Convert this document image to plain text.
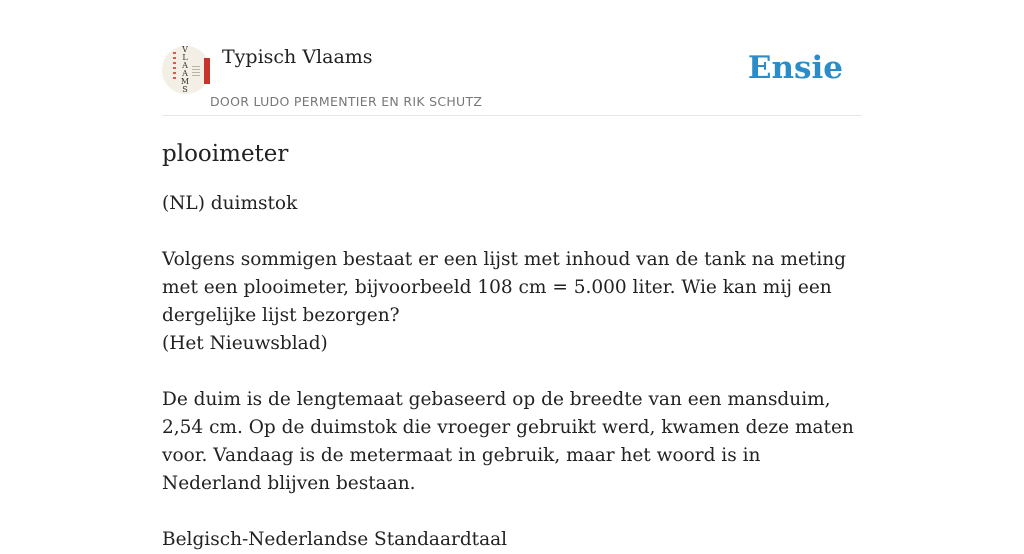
V
L
A
A
M
S
Typisch Vlaams
DOOR LUDO PERMENTIER EN RIK SCHUTZ
Ensie
plooimeter
(NL) duimstok
Volgens sommigen bestaat er een lijst met inhoud van de tank na meting met een plooimeter, bijvoorbeeld 108 cm = 5.000 liter. Wie kan mij een dergelijke lijst bezorgen?
(Het Nieuwsblad)
De duim is de lengtemaat gebaseerd op de breedte van een mansduim, 2,54 cm. Op de duimstok die vroeger gebruikt werd, kwamen deze maten voor. Vandaag is de metermaat in gebruik, maar het woord is in Nederland blijven bestaan.
Belgisch-Nederlandse Standaardtaal
